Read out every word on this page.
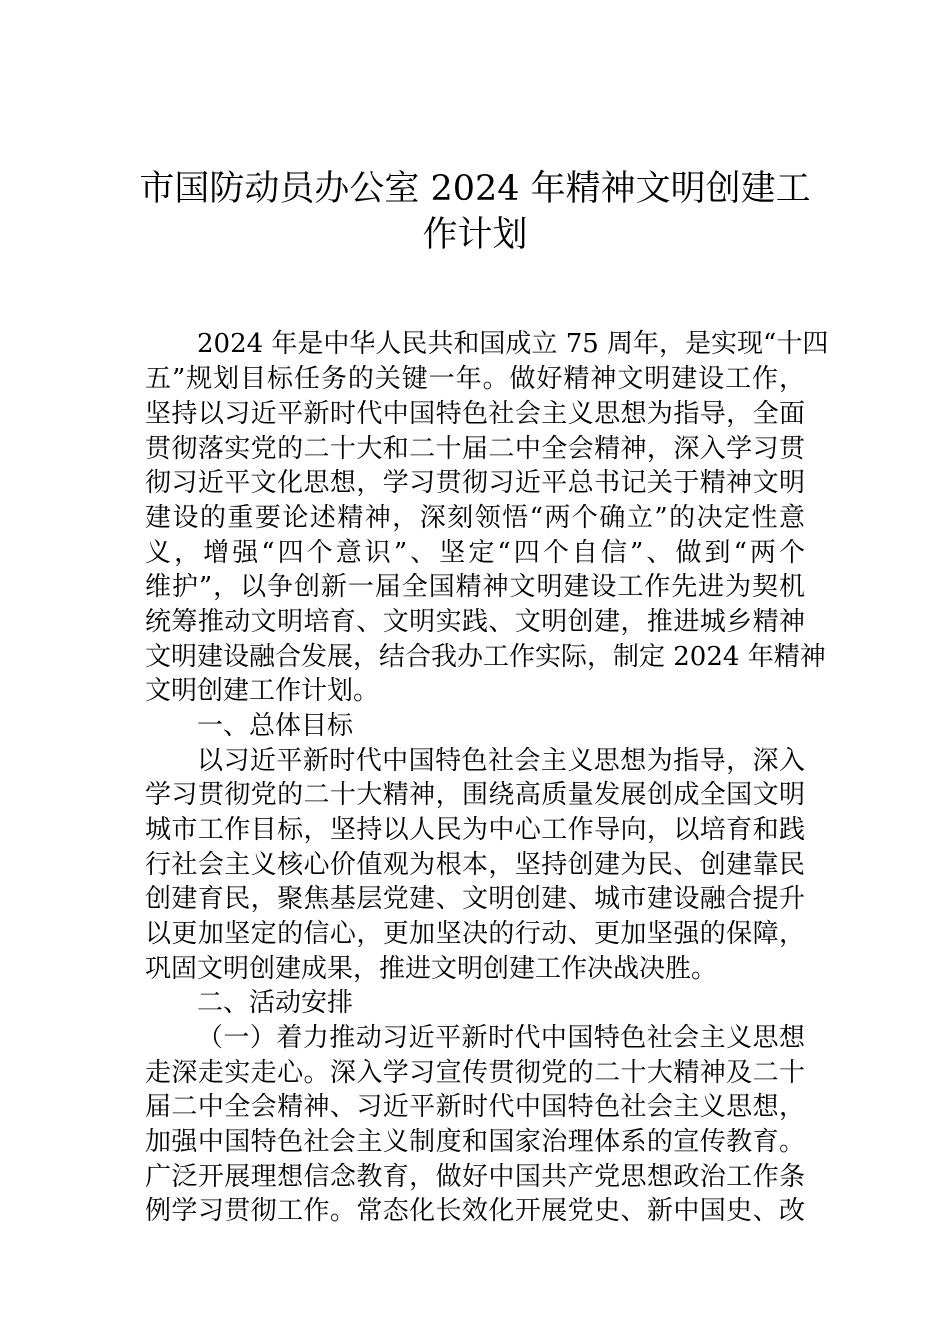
市国防动员办公室 2024 年精神文明创建工
作计划
2024 年是中华人民共和国成立 75 周年，是实现“十四
五”规划目标任务的关键一年。做好精神文明建设工作，
坚持以习近平新时代中国特色社会主义思想为指导，全面
贯彻落实党的二十大和二十届二中全会精神，深入学习贯
彻习近平文化思想，学习贯彻习近平总书记关于精神文明
建设的重要论述精神，深刻领悟“两个确立”的决定性意
义，增强“四个意识”、坚定“四个自信”、做到“两个
维护”，以争创新一届全国精神文明建设工作先进为契机
统筹推动文明培育、文明实践、文明创建，推进城乡精神
文明建设融合发展，结合我办工作实际，制定 2024 年精神
文明创建工作计划。
一、总体目标
以习近平新时代中国特色社会主义思想为指导，深入
学习贯彻党的二十大精神，围绕高质量发展创成全国文明
城市工作目标，坚持以人民为中心工作导向，以培育和践
行社会主义核心价值观为根本，坚持创建为民、创建靠民
创建育民，聚焦基层党建、文明创建、城市建设融合提升
以更加坚定的信心，更加坚决的行动、更加坚强的保障，
巩固文明创建成果，推进文明创建工作决战决胜。
二、活动安排
（一）着力推动习近平新时代中国特色社会主义思想
走深走实走心。深入学习宣传贯彻党的二十大精神及二十
届二中全会精神、习近平新时代中国特色社会主义思想，
加强中国特色社会主义制度和国家治理体系的宣传教育。
广泛开展理想信念教育，做好中国共产党思想政治工作条
例学习贯彻工作。常态化长效化开展党史、新中国史、改
